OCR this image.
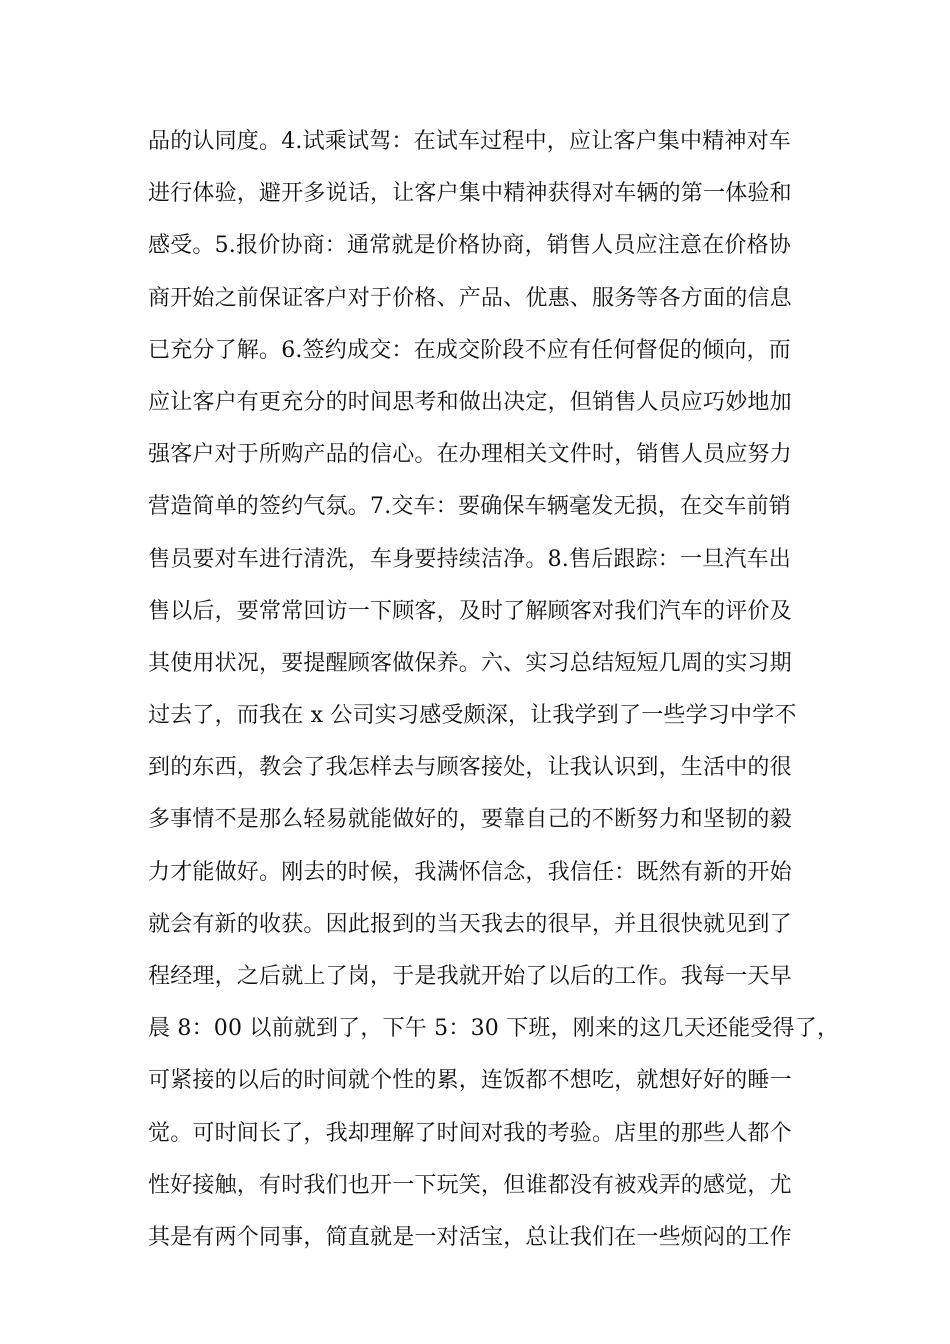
品的认同度。4.试乘试驾：在试车过程中，应让客户集中精神对车
进行体验，避开多说话，让客户集中精神获得对车辆的第一体验和
感受。5.报价协商：通常就是价格协商，销售人员应注意在价格协
商开始之前保证客户对于价格、产品、优惠、服务等各方面的信息
已充分了解。6.签约成交：在成交阶段不应有任何督促的倾向，而
应让客户有更充分的时间思考和做出决定，但销售人员应巧妙地加
强客户对于所购产品的信心。在办理相关文件时，销售人员应努力
营造简单的签约气氛。7.交车：要确保车辆毫发无损，在交车前销
售员要对车进行清洗，车身要持续洁净。8.售后跟踪：一旦汽车出
售以后，要常常回访一下顾客，及时了解顾客对我们汽车的评价及
其使用状况，要提醒顾客做保养。六、实习总结短短几周的实习期
过去了，而我在 x 公司实习感受颇深，让我学到了一些学习中学不
到的东西，教会了我怎样去与顾客接处，让我认识到，生活中的很
多事情不是那么轻易就能做好的，要靠自己的不断努力和坚韧的毅
力才能做好。刚去的时候，我满怀信念，我信任：既然有新的开始
就会有新的收获。因此报到的当天我去的很早，并且很快就见到了
程经理，之后就上了岗，于是我就开始了以后的工作。我每一天早
晨 8：00 以前就到了，下午 5：30 下班，刚来的这几天还能受得了，
可紧接的以后的时间就个性的累，连饭都不想吃，就想好好的睡一
觉。可时间长了，我却理解了时间对我的考验。店里的那些人都个
性好接触，有时我们也开一下玩笑，但谁都没有被戏弄的感觉，尤
其是有两个同事，简直就是一对活宝，总让我们在一些烦闷的工作
